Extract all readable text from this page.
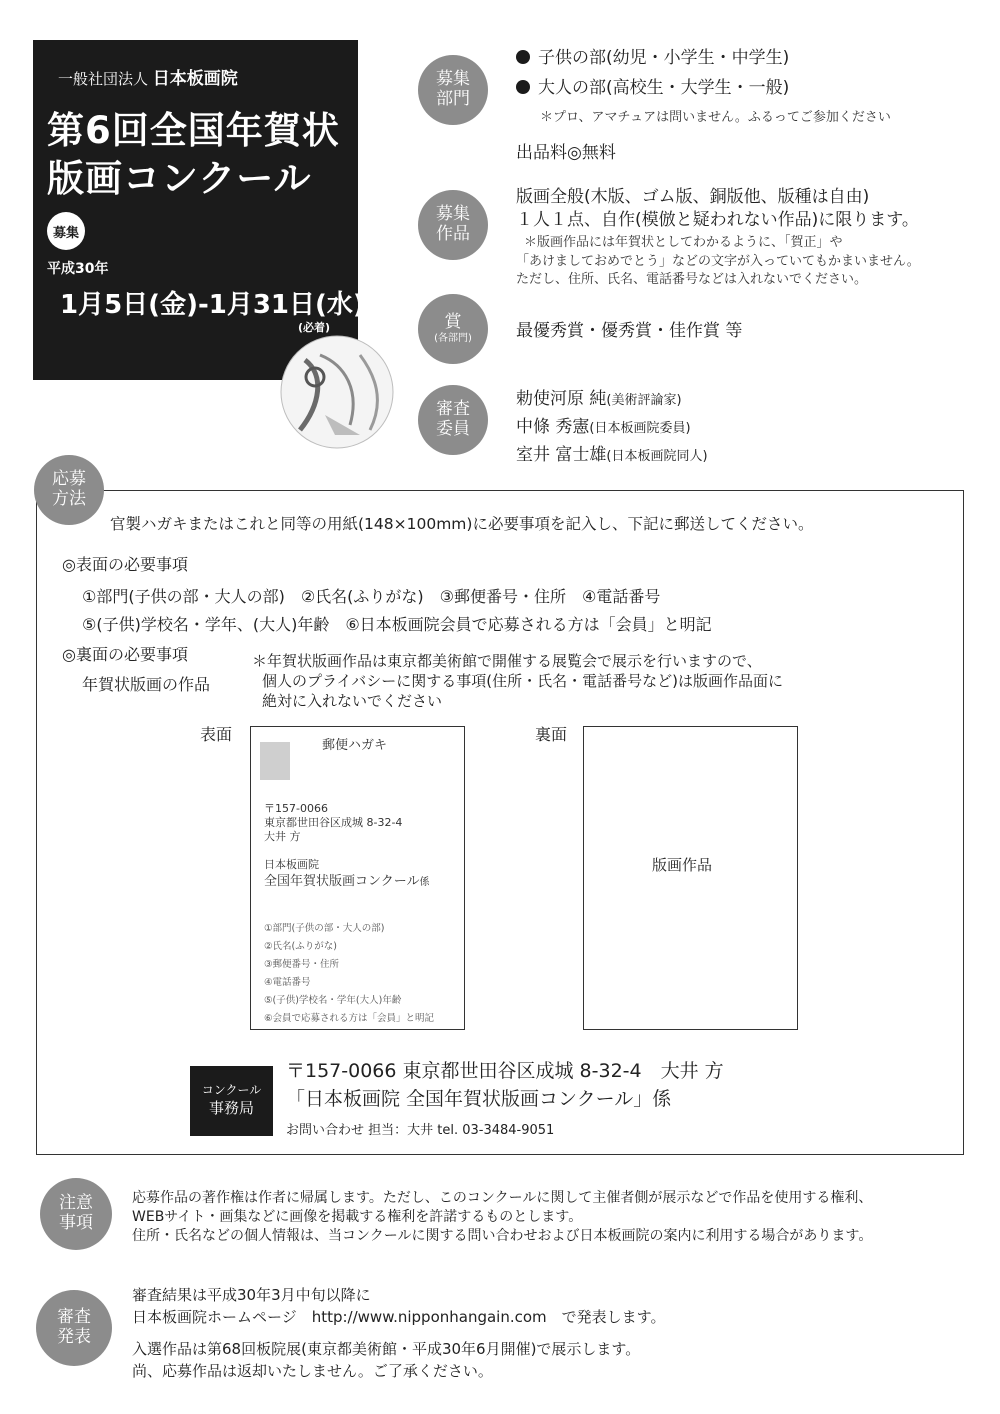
一般社団法人 日本板画院
第6回全国年賀状
版画コンクール
募集
平成30年
1月5日(金)-1月31日(水)
(必着)
募集
部門
子供の部(幼児・小学生・中学生)
大人の部(高校生・大学生・一般)
＊プロ、アマチュアは問いません。ふるってご参加ください
出品料◎無料
募集
作品
版画全般(木版、ゴム版、銅版他、版種は自由)
１人１点、自作(模倣と疑われない作品)に限ります。
＊版画作品には年賀状としてわかるように、「賀正」や
「あけましておめでとう」などの文字が入っていてもかまいません。
ただし、住所、氏名、電話番号などは入れないでください。
賞
(各部門)	最優秀賞・優秀賞・佳作賞 等
審査
委員
勅使河原 純(美術評論家)
中條 秀憲(日本板画院委員)
室井 富士雄(日本板画院同人)
応募
方法
官製ハガキまたはこれと同等の用紙(148×100mm)に必要事項を記入し、下記に郵送してください。
◎表面の必要事項
①部門(子供の部・大人の部)　②氏名(ふりがな)　③郵便番号・住所　④電話番号
⑤(子供)学校名・学年、(大人)年齢　⑥日本板画院会員で応募される方は「会員」と明記
◎裏面の必要事項
年賀状版画の作品
＊年賀状版画作品は東京都美術館で開催する展覧会で展示を行いますので、
個人のプライバシーに関する事項(住所・氏名・電話番号など)は版画作品面に
絶対に入れないでください
表面	裏面
郵便ハガキ
〒157-0066
東京都世田谷区成城 8-32-4
大井 方
日本板画院
全国年賀状版画コンクール係
①部門(子供の部・大人の部)
②氏名(ふりがな)
③郵便番号・住所
④電話番号
⑤(子供)学校名・学年(大人)年齢
⑥会員で応募される方は「会員」と明記
版画作品
コンクール
事務局
〒157-0066 東京都世田谷区成城 8-32-4　大井 方
「日本板画院 全国年賀状版画コンクール」係
お問い合わせ 担当：大井 tel. 03-3484-9051
注意
事項
応募作品の著作権は作者に帰属します。ただし、このコンクールに関して主催者側が展示などで作品を使用する権利、
WEBサイト・画集などに画像を掲載する権利を許諾するものとします。
住所・氏名などの個人情報は、当コンクールに関する問い合わせおよび日本板画院の案内に利用する場合があります。
審査
発表
審査結果は平成30年3月中旬以降に
日本板画院ホームページ　http://www.nipponhangain.com　で発表します。
入選作品は第68回板院展(東京都美術館・平成30年6月開催)で展示します。
尚、応募作品は返却いたしません。ご了承ください。
